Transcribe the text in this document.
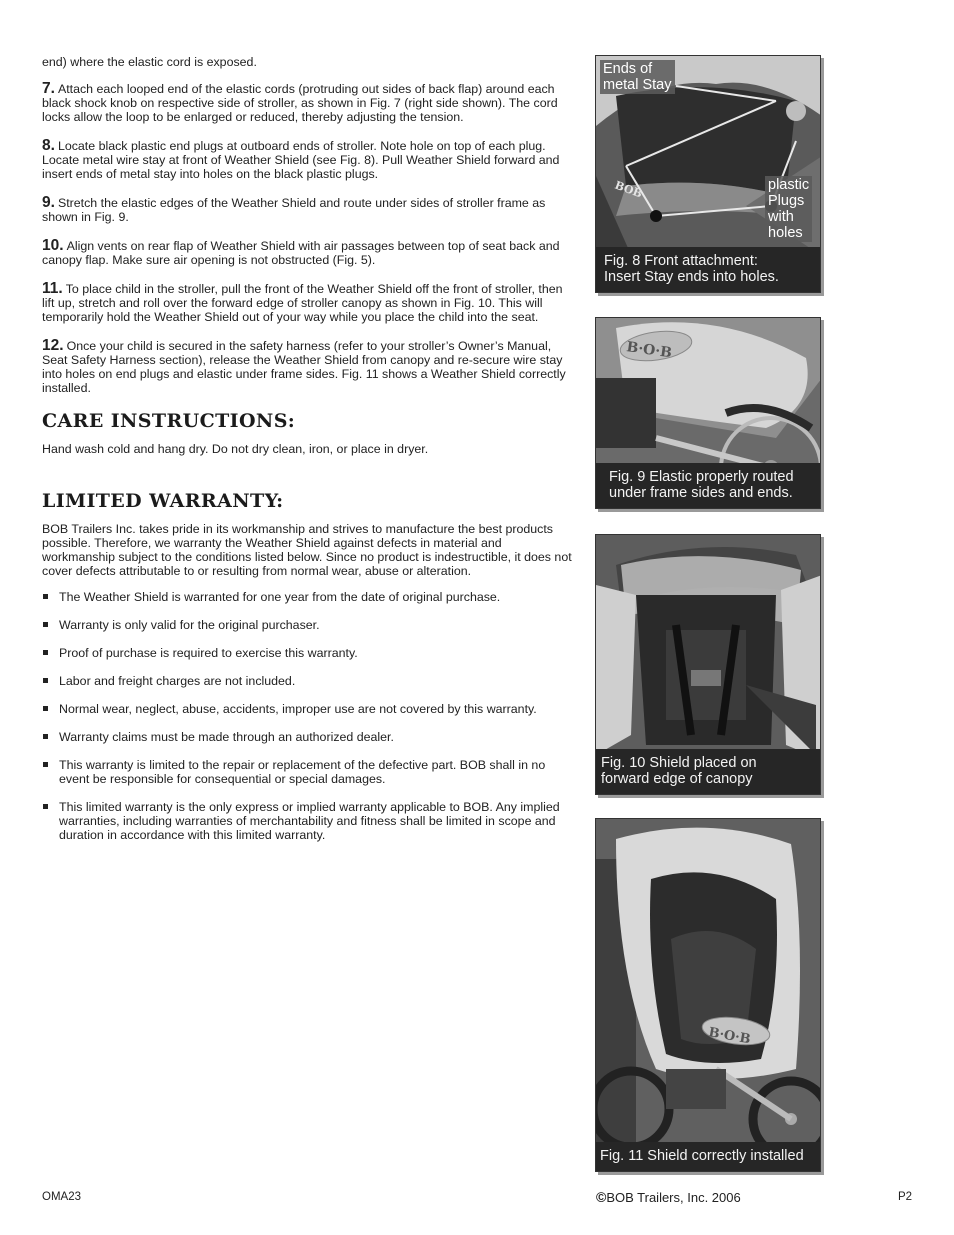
end) where the elastic cord is exposed.

7. Attach each looped end of the elastic cords (protruding out sides of back flap) around each black shock knob on respective side of stroller, as shown in Fig. 7 (right side shown). The cord locks allow the loop to be enlarged or reduced, thereby adjusting the tension.

8. Locate black plastic end plugs at outboard ends of stroller. Note hole on top of each plug. Locate metal wire stay at front of Weather Shield (see Fig. 8). Pull Weather Shield forward and insert ends of metal stay into holes on the black plastic plugs.

9. Stretch the elastic edges of the Weather Shield and route under sides of stroller frame as shown in Fig. 9.

10. Align vents on rear flap of Weather Shield with air passages between top of seat back and canopy flap. Make sure air opening is not obstructed (Fig. 5).

11. To place child in the stroller, pull the front of the Weather Shield off the front of stroller, then lift up, stretch and roll over the forward edge of stroller canopy as shown in Fig. 10. This will temporarily hold the Weather Shield out of your way while you place the child into the seat.

12. Once your child is secured in the safety harness (refer to your stroller’s Owner’s Manual, Seat Safety Harness section), release the Weather Shield from canopy and re-secure wire stay into holes on end plugs and elastic under frame sides. Fig. 11 shows a Weather Shield correctly installed.

CARE INSTRUCTIONS:

Hand wash cold and hang dry. Do not dry clean, iron, or place in dryer.

LIMITED WARRANTY:

BOB Trailers Inc. takes pride in its workmanship and strives to manufacture the best products possible. Therefore, we warranty the Weather Shield against defects in material and workmanship subject to the conditions listed below. Since no product is indestructible, it does not cover defects attributable to or resulting from normal wear, abuse or alteration.

The Weather Shield is warranted for one year from the date of original purchase.
Warranty is only valid for the original purchaser.
Proof of purchase is required to exercise this warranty.
Labor and freight charges are not included.
Normal wear, neglect, abuse, accidents, improper use are not covered by this warranty.
Warranty claims must be made through an authorized dealer.
This warranty is limited to the repair or replacement of the defective part. BOB shall in no event be responsible for consequential or special damages.
This limited warranty is the only express or implied warranty applicable to BOB. Any implied warranties, including warranties of merchantability and fitness shall be limited in scope and duration in accordance with this limited warranty.
BOB
Ends of
metal Stay
plastic
Plugs
with
holes
Fig. 8 Front attachment:
Insert Stay ends into holes.
B·O·B
Fig. 9 Elastic properly routed
under frame sides and ends.
Fig. 10 Shield placed on
forward edge of canopy
B·O·B
Fig. 11 Shield correctly installed
OMA23	©BOB Trailers, Inc. 2006	P2
